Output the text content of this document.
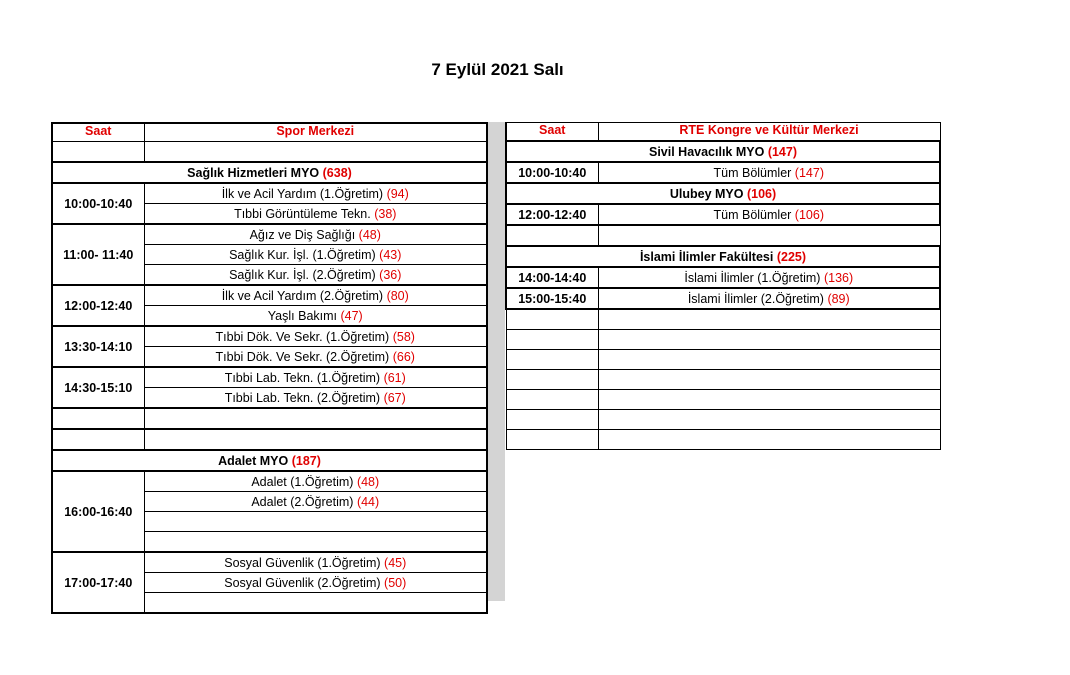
7 Eylül 2021 Salı
Saat	Spor Merkezi

Sağlık Hizmetleri MYO (638)	
10:00-10:40	İlk ve Acil Yardım (1.Öğretim) (94)
	Tıbbi Görüntüleme Tekn. (38)
11:00- 11:40	Ağız ve Diş Sağlığı (48)
	Sağlık Kur. İşl. (1.Öğretim) (43)
	Sağlık Kur. İşl. (2.Öğretim) (36)
12:00-12:40	İlk ve Acil Yardım (2.Öğretim) (80)
	Yaşlı Bakımı (47)
13:30-14:10	Tıbbi Dök. Ve Sekr. (1.Öğretim) (58)
	Tıbbi Dök. Ve Sekr. (2.Öğretim) (66)
14:30-15:10	Tıbbi Lab. Tekn. (1.Öğretim) (61)
	Tıbbi Lab. Tekn. (2.Öğretim) (67)

Adalet MYO (187)	
16:00-16:40	Adalet (1.Öğretim) (48)
	Adalet (2.Öğretim) (44)

17:00-17:40	Sosyal Güvenlik (1.Öğretim) (45)
	Sosyal Güvenlik (2.Öğretim) (50)

Saat	RTE Kongre ve Kültür Merkezi

Sivil Havacılık MYO (147)	
10:00-10:40	Tüm Bölümler (147)

Ulubey MYO (106)	
12:00-12:40	Tüm Bölümler (106)

İslami İlimler Fakültesi (225)	
14:00-14:40	İslami İlimler (1.Öğretim) (136)
15:00-15:40	İslami İlimler (2.Öğretim) (89)
